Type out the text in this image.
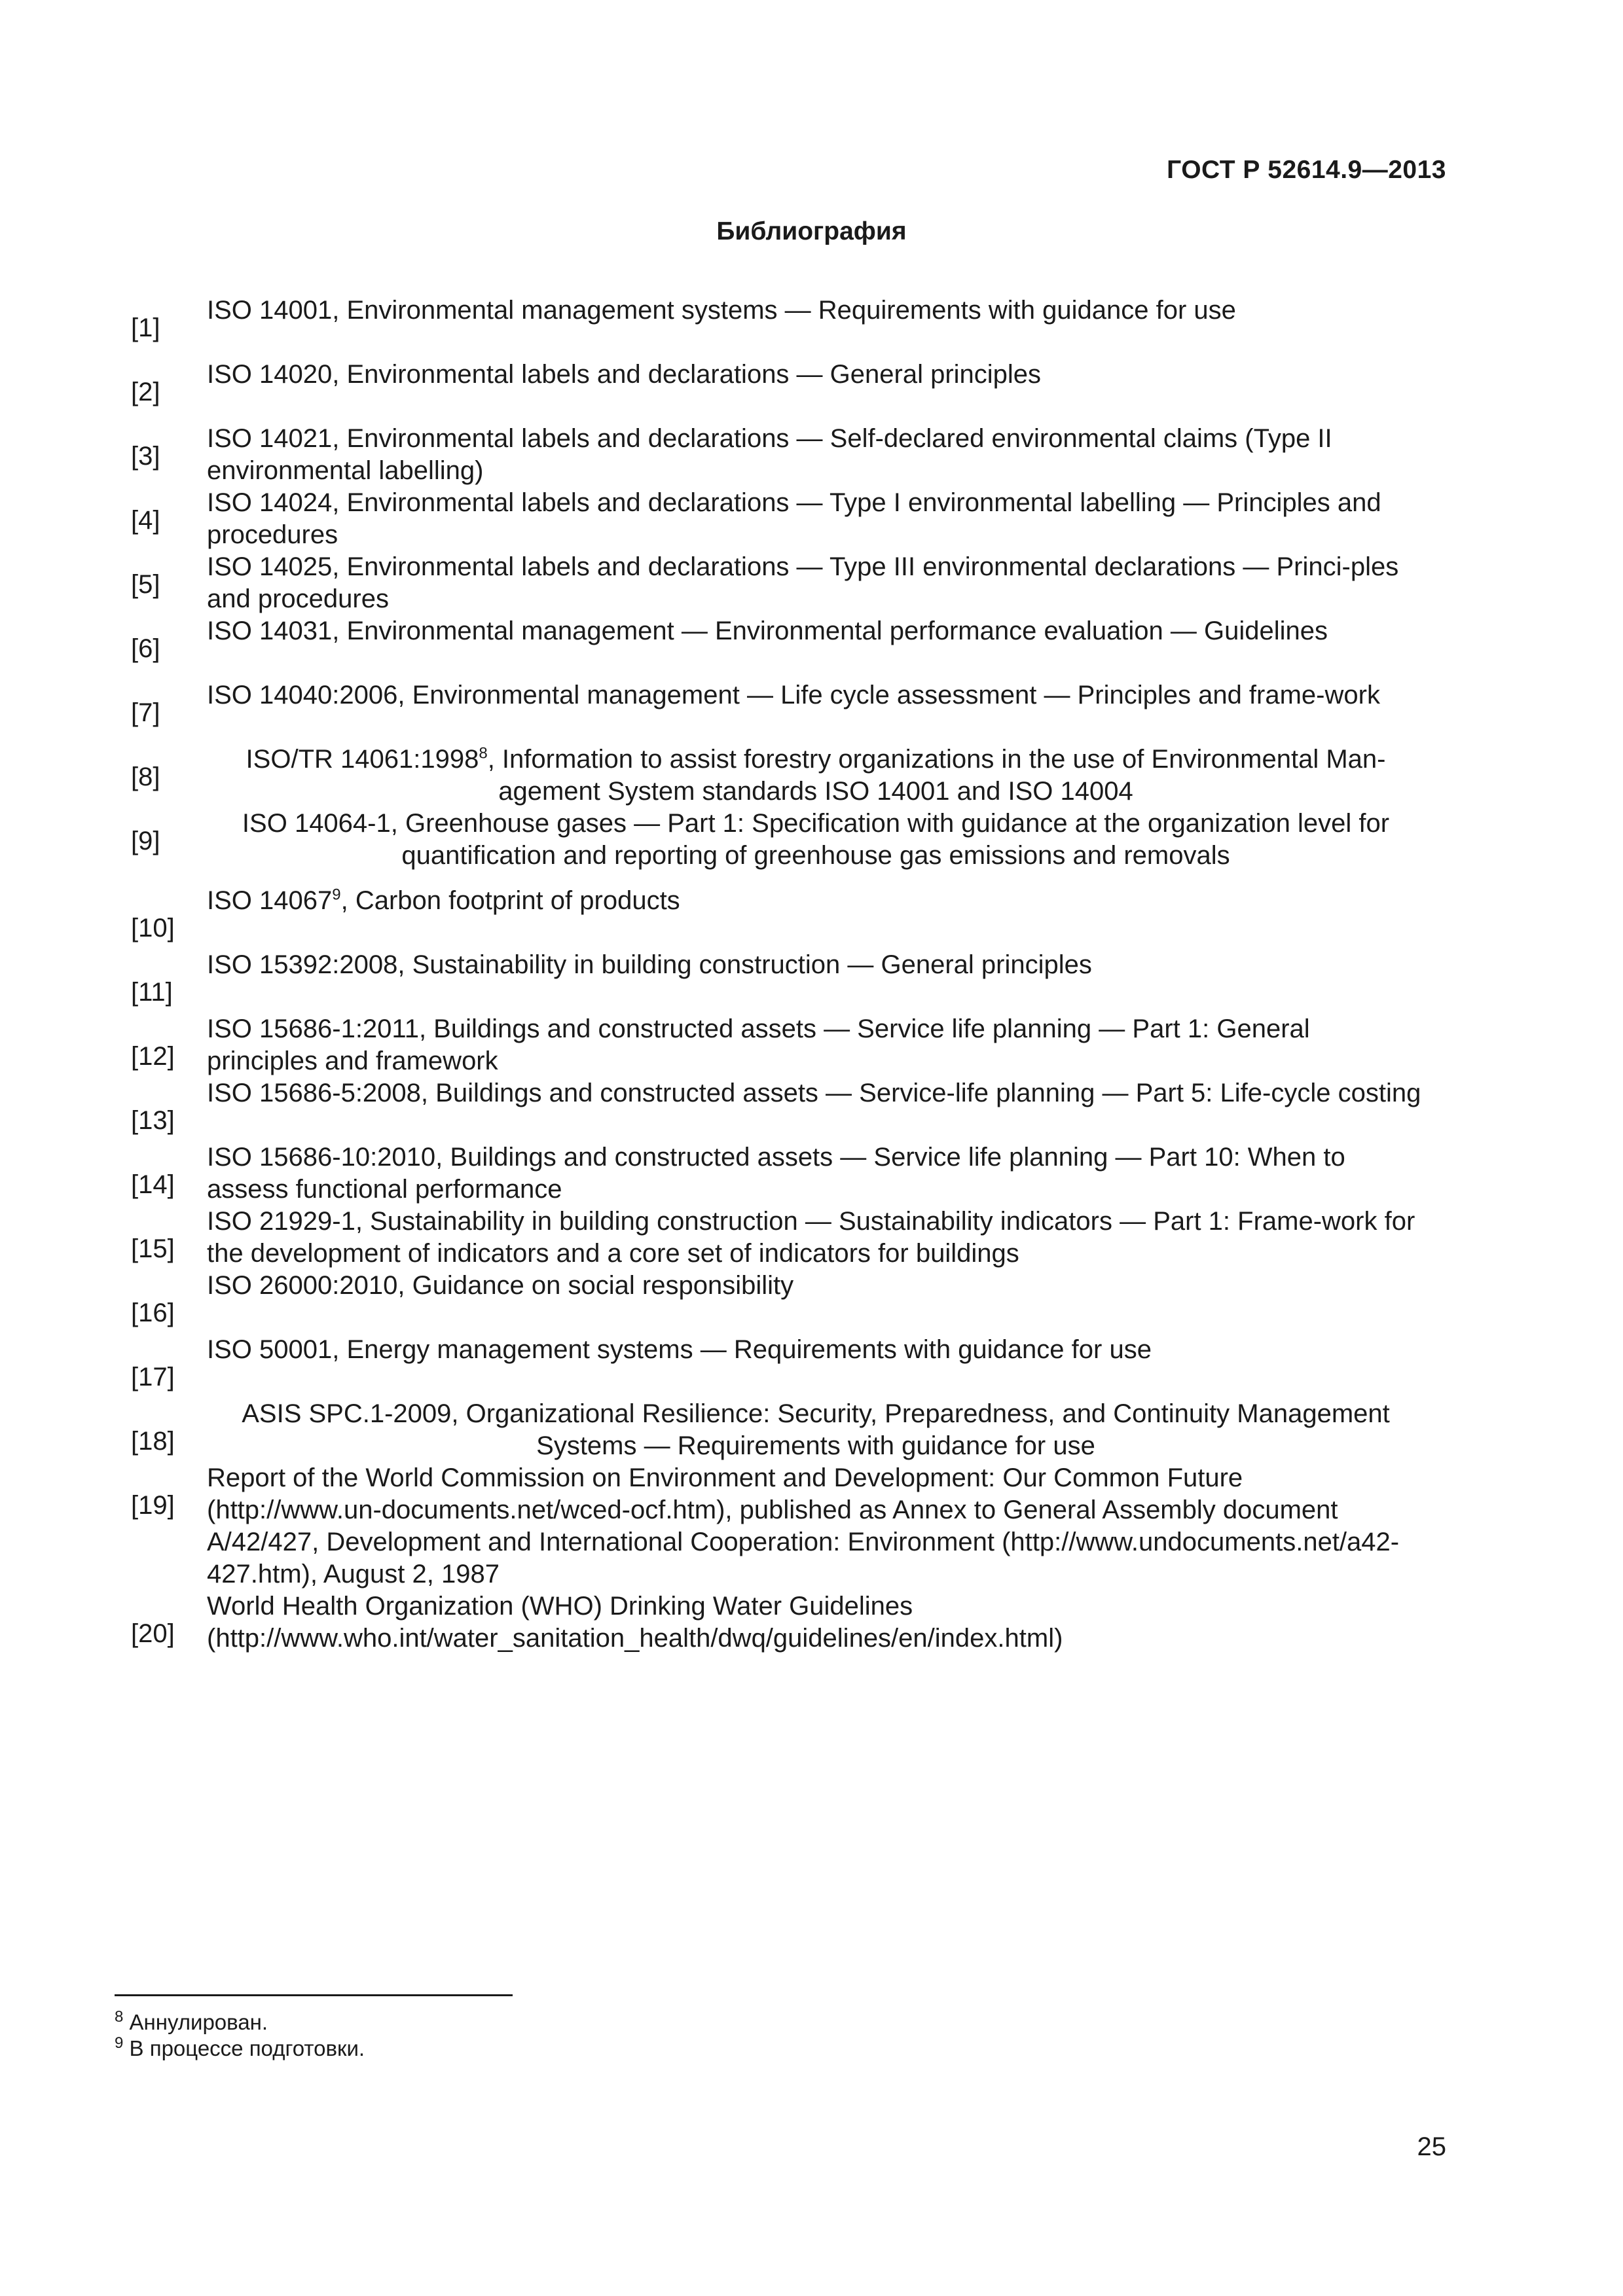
ГОСТ Р 52614.9—2013
Библиография
[1]
ISO 14001, Environmental management systems — Requirements with guidance for use
[2]
ISO 14020, Environmental labels and declarations — General principles
[3]
ISO 14021, Environmental labels and declarations — Self-declared environmental claims (Type II environmental labelling)
[4]
ISO 14024, Environmental labels and declarations — Type I environmental labelling — Principles and procedures
[5]
ISO 14025, Environmental labels and declarations — Type III environmental declarations — Princi-ples and procedures
[6]
ISO 14031, Environmental management — Environmental performance evaluation — Guidelines
[7]
ISO 14040:2006, Environmental management — Life cycle assessment — Principles and frame-work
[8]
ISO/TR 14061:1998$^8$, Information to assist forestry organizations in the use of Environmental Man-agement System standards ISO 14001 and ISO 14004
[9]
ISO 14064-1, Greenhouse gases — Part 1: Specification with guidance at the organization level for quantification and reporting of greenhouse gas emissions and removals
[10]
ISO 14067$^9$, Carbon footprint of products
[11]
ISO 15392:2008, Sustainability in building construction — General principles
[12]
ISO 15686-1:2011, Buildings and constructed assets — Service life planning — Part 1: General principles and framework
[13]
ISO 15686-5:2008, Buildings and constructed assets — Service-life planning — Part 5: Life-cycle costing
[14]
ISO 15686-10:2010, Buildings and constructed assets — Service life planning — Part 10: When to assess functional performance
[15]
ISO 21929-1, Sustainability in building construction — Sustainability indicators — Part 1: Frame-work for the development of indicators and a core set of indicators for buildings
[16]
ISO 26000:2010, Guidance on social responsibility
[17]
ISO 50001, Energy management systems — Requirements with guidance for use
[18]
ASIS SPC.1-2009, Organizational Resilience: Security, Preparedness, and Continuity Management Systems — Requirements with guidance for use
[19]
Report of the World Commission on Environment and Development: Our Common Future (http://www.un-documents.net/wced-ocf.htm), published as Annex to General Assembly document A/42/427, Development and International Cooperation: Environment (http://www.undocuments.net/a42-427.htm), August 2, 1987
[20]
World Health Organization (WHO) Drinking Water Guidelines (http://www.who.int/water_sanitation_health/dwq/guidelines/en/index.html)
$^8$ Аннулирован.
$^9$ В процессе подготовки.
25
